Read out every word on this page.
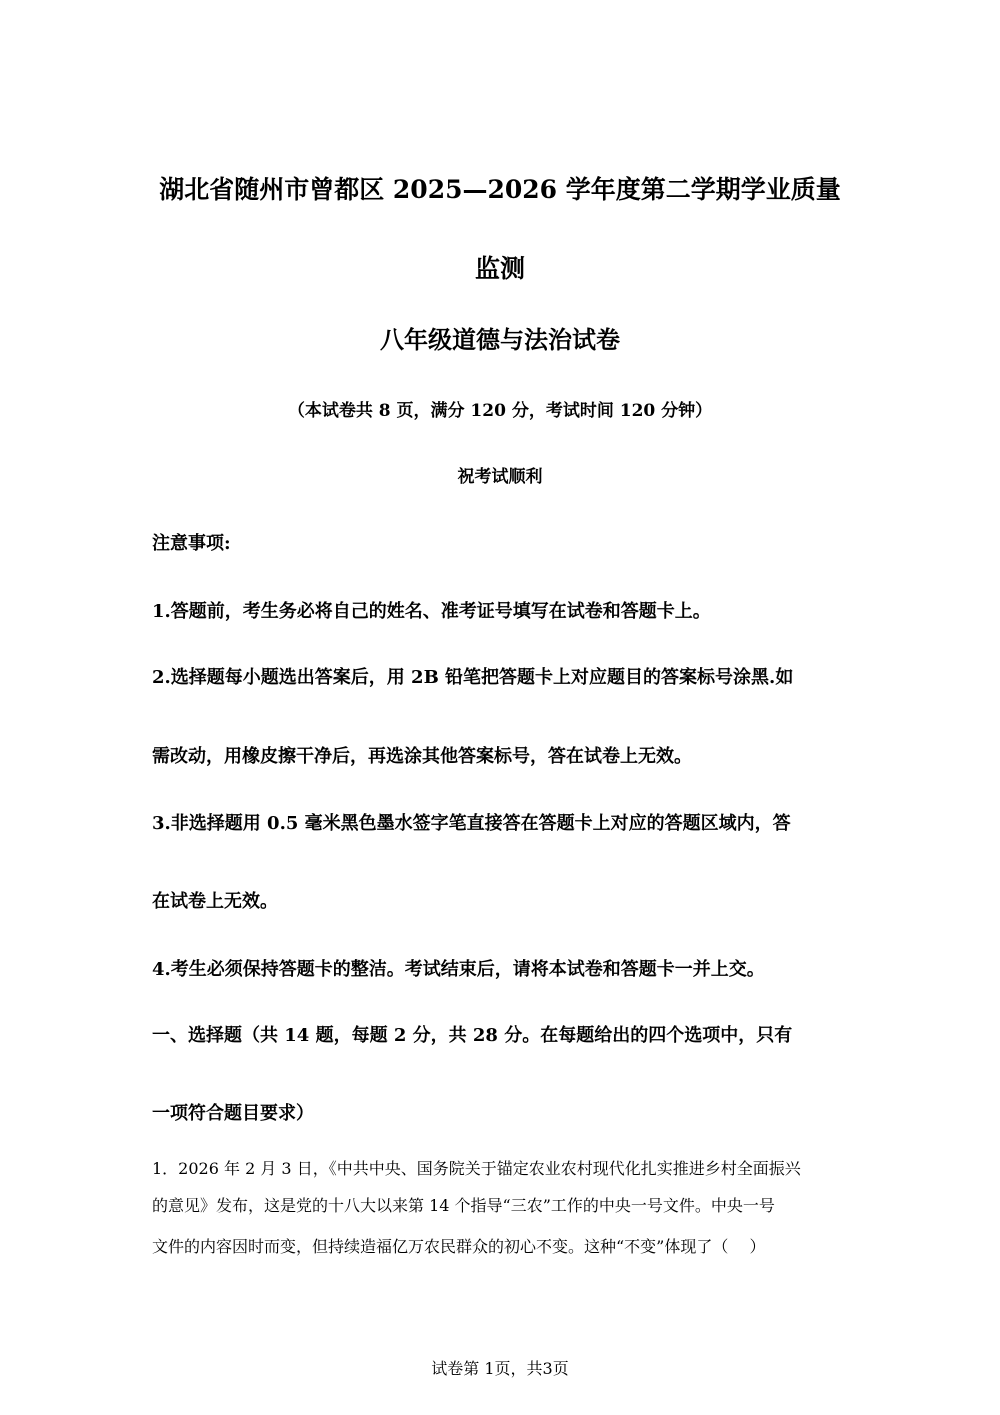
湖北省随州市曾都区 2025—2026 学年度第二学期学业质量

监测

八年级道德与法治试卷

（本试卷共 8 页，满分 120 分，考试时间 120 分钟）

祝考试顺利

注意事项:

1.答题前，考生务必将自己的姓名、准考证号填写在试卷和答题卡上。

2.选择题每小题选出答案后，用 2B 铅笔把答题卡上对应题目的答案标号涂黑.如

需改动，用橡皮擦干净后，再选涂其他答案标号，答在试卷上无效。

3.非选择题用 0.5 毫米黑色墨水签字笔直接答在答题卡上对应的答题区域内，答

在试卷上无效。

4.考生必须保持答题卡的整洁。考试结束后，请将本试卷和答题卡一并上交。

一、选择题（共 14 题，每题 2 分，共 28 分。在每题给出的四个选项中，只有

一项符合题目要求）

1．2026 年 2 月 3 日，《中共中央、国务院关于锚定农业农村现代化扎实推进乡村全面振兴

的意见》发布，这是党的十八大以来第 14 个指导“三农”工作的中央一号文件。中央一号

文件的内容因时而变，但持续造福亿万农民群众的初心不变。这种“不变”体现了（　 ）

试卷第 1页，共3页
